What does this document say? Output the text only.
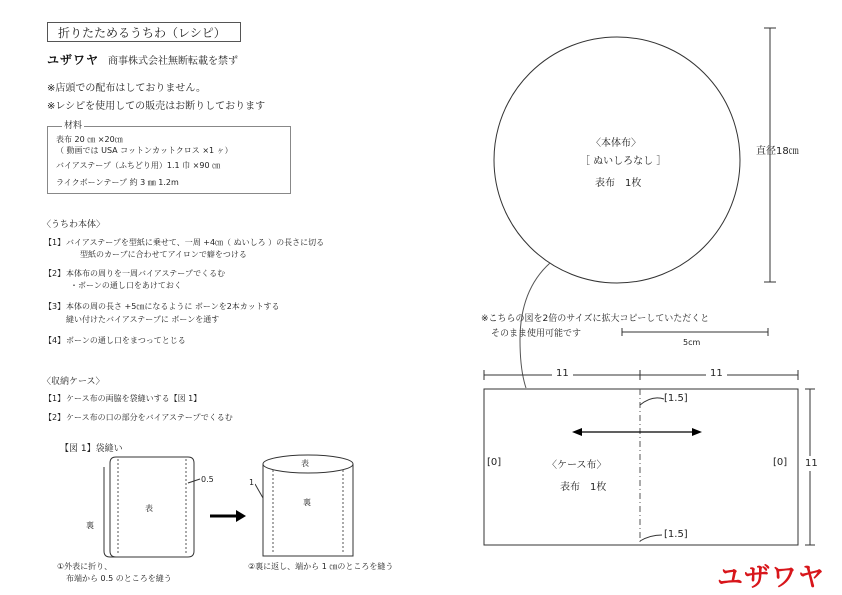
折りたためるうちわ（レシピ）
ユザワヤ 商事株式会社無断転載を禁ず
※店頭での配布はしておりません。
※レシピを使用しての販売はお断りしております
材料
表布 20 ㎝ ×20㎝
（ 動画では USA コットンカットクロス ×1 ヶ）
バイアステープ（ふちどり用）1.1 巾 ×90 ㎝
ライクボーンテープ 約 3 ㎜ 1.2m
〈うちわ本体〉
【1】 バイアステープを型紙に乗せて、一周 +4㎝（ ぬいしろ ）の長さに切る
型紙のカーブに合わせてアイロンで癖をつける
【2】 本体布の周りを一周バイアステープでくるむ
・ボーンの通し口をあけておく
【3】 本体の周の長さ +5㎝になるように ボーンを2本カットする
縫い付けたバイアステープに ボーンを通す
【4】 ボーンの通し口をまつってとじる
〈収納ケース〉
【1】 ケース布の両脇を袋縫いする【図 1】
【2】 ケース布の口の部分をバイアステープでくるむ
【図 1】袋縫い
表
裏
0.5
表
裏
1
①外表に折り、
布端から 0.5 のところを縫う
②裏に返し、端から 1 ㎝のところを縫う
〈本体布〉
［ ぬいしろなし ］
表布　1枚
直径18㎝
※こちらの図を2倍のサイズに拡大コピーしていただくと
そのまま使用可能です
5cm
11	11
11
[1.5]
[1.5]
[0]	[0]
〈ケース布〉
表布　1枚
ユザワヤ
